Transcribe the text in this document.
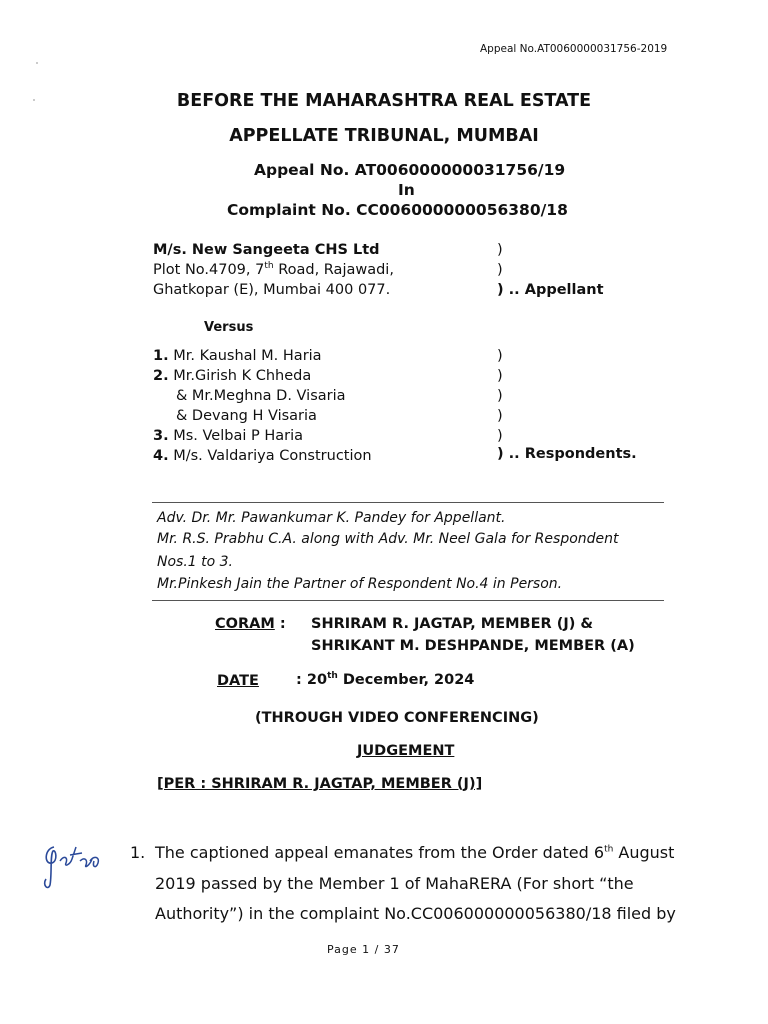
Appeal No.AT0060000031756-2019
BEFORE THE MAHARASHTRA REAL ESTATE
APPELLATE TRIBUNAL, MUMBAI
Appeal No. AT006000000031756/19
In
Complaint No. CC006000000056380/18
M/s. New Sangeeta CHS Ltd
Plot No.4709, 7th Road, Rajawadi,
Ghatkopar (E), Mumbai 400 077.
)
)
) .. Appellant
Versus
1. Mr. Kaushal M. Haria
2. Mr.Girish K Chheda
& Mr.Meghna D. Visaria
& Devang H Visaria
3. Ms. Velbai P Haria
4. M/s. Valdariya Construction
)
)
)
)
)
) .. Respondents.
Adv. Dr. Mr. Pawankumar K. Pandey for Appellant.
Mr. R.S. Prabhu C.A. along with Adv. Mr. Neel Gala for Respondent
Nos.1 to 3.
Mr.Pinkesh Jain the Partner of Respondent No.4 in Person.
CORAM : SHRIRAM R. JAGTAP, MEMBER (J) &
SHRIKANT M. DESHPANDE, MEMBER (A)
DATE	: 20th December, 2024
(THROUGH VIDEO CONFERENCING)
JUDGEMENT
[PER : SHRIRAM R. JAGTAP, MEMBER (J)]
1. The captioned appeal emanates from the Order dated 6th August
2019 passed by the Member 1 of MahaRERA (For short “the
Authority”) in the complaint No.CC006000000056380/18 filed by
Page 1 / 37
